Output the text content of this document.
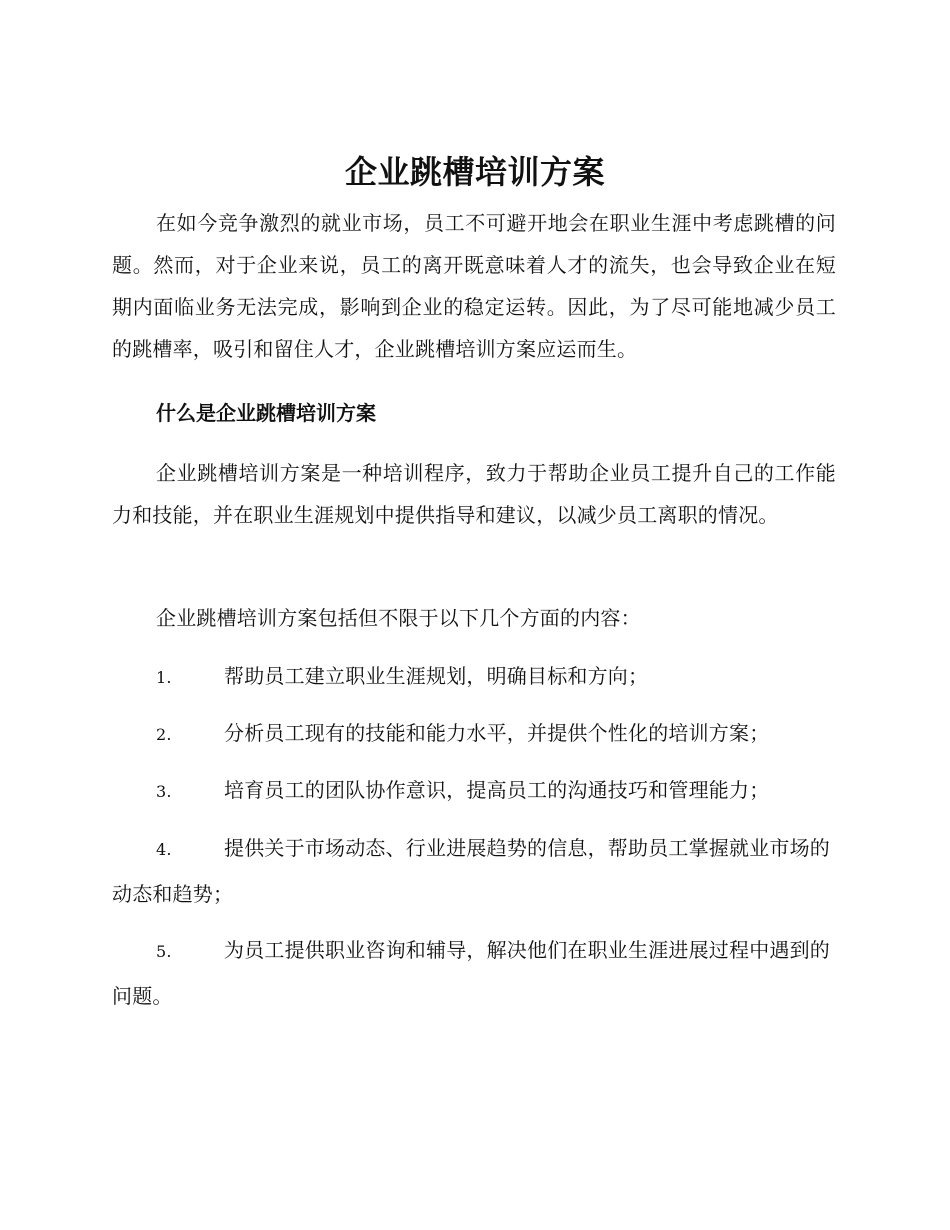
企业跳槽培训方案
在如今竞争激烈的就业市场，员工不可避开地会在职业生涯中考虑跳槽的问题。然而，对于企业来说，员工的离开既意味着人才的流失，也会导致企业在短期内面临业务无法完成，影响到企业的稳定运转。因此，为了尽可能地减少员工的跳槽率，吸引和留住人才，企业跳槽培训方案应运而生。
什么是企业跳槽培训方案
企业跳槽培训方案是一种培训程序，致力于帮助企业员工提升自己的工作能力和技能，并在职业生涯规划中提供指导和建议，以减少员工离职的情况。
企业跳槽培训方案包括但不限于以下几个方面的内容：
1.	帮助员工建立职业生涯规划，明确目标和方向；
2.	分析员工现有的技能和能力水平，并提供个性化的培训方案；
3.	培育员工的团队协作意识，提高员工的沟通技巧和管理能力；
4.	提供关于市场动态、行业进展趋势的信息，帮助员工掌握就业市场的动态和趋势；
5.	为员工提供职业咨询和辅导，解决他们在职业生涯进展过程中遇到的问题。
